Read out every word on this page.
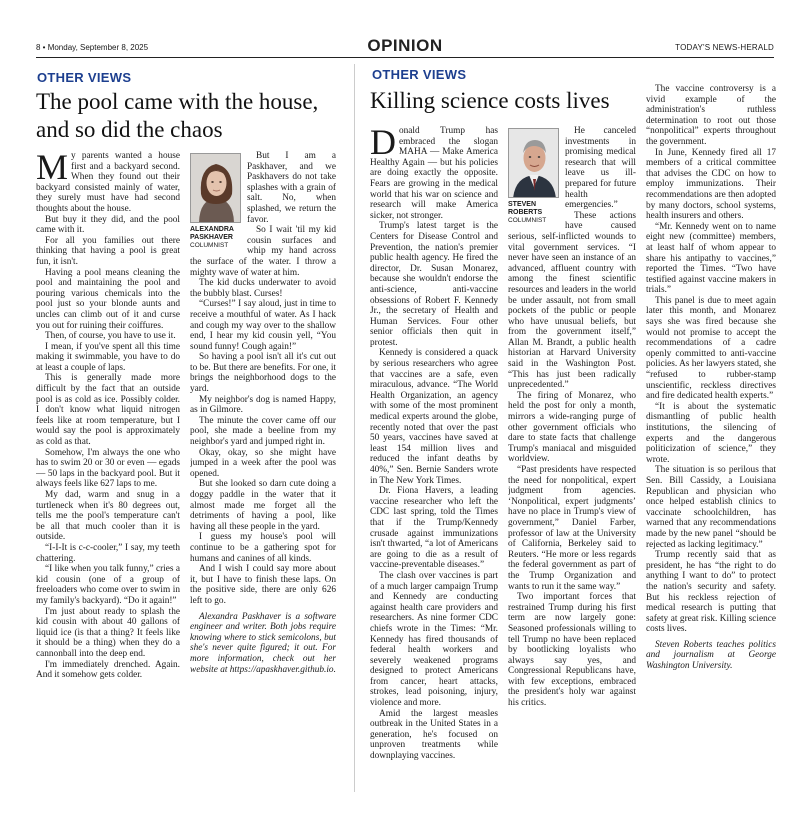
8 • Monday, September 8, 2025	OPINION	TODAY'S NEWS-HERALD
OTHER VIEWS
The pool came with the house, and so did the chaos

My parents wanted a house first and a backyard second. When they found out their backyard consisted mainly of water, they surely must have had second thoughts about the house.

But buy it they did, and the pool came with it.

For all you families out there thinking that having a pool is great fun, it isn't.

Having a pool means cleaning the pool and maintaining the pool and pouring various chemicals into the pool just so your blonde aunts and uncles can climb out of it and curse you out for ruining their coiffures.

Then, of course, you have to use it.

I mean, if you've spent all this time making it swimmable, you have to do at least a couple of laps.

This is generally made more difficult by the fact that an outside pool is as cold as ice. Possibly colder. I don't know what liquid nitrogen feels like at room temperature, but I would say the pool is approximately as cold as that.

Somehow, I'm always the one who has to swim 20 or 30 or even — egads — 50 laps in the backyard pool. But it always feels like 627 laps to me.

My dad, warm and snug in a turtleneck when it's 80 degrees out, tells me the pool's temperature can't be all that much cooler than it is outside.

“I-I-It is c-c-cooler,” I say, my teeth chattering.

“I like when you talk funny,” cries a kid cousin (one of a group of freeloaders who come over to swim in my family's backyard). “Do it again!”

I'm just about ready to splash the kid cousin with about 40 gallons of liquid ice (is that a thing? It feels like it should be a thing) when they do a cannonball into the deep end.

I'm immediately drenched. Again. And it somehow gets colder.

ALEXANDRA PASKHAVER
COLUMNIST

But I am a Paskhaver, and we Paskhavers do not take splashes with a grain of salt. No, when splashed, we return the favor.

So I wait 'til my kid cousin surfaces and whip my hand across the surface of the water. I throw a mighty wave of water at him.

The kid ducks underwater to avoid the bubbly blast. Curses!

“Curses!” I say aloud, just in time to receive a mouthful of water. As I hack and cough my way over to the shallow end, I hear my kid cousin yell, “You sound funny! Cough again!”

So having a pool isn't all it's cut out to be. But there are benefits. For one, it brings the neighborhood dogs to the yard.

My neighbor's dog is named Happy, as in Gilmore.

The minute the cover came off our pool, she made a beeline from my neighbor's yard and jumped right in.

Okay, okay, so she might have jumped in a week after the pool was opened.

But she looked so darn cute doing a doggy paddle in the water that it almost made me forget all the detriments of having a pool, like having all these people in the yard.

I guess my house's pool will continue to be a gathering spot for humans and canines of all kinds.

And I wish I could say more about it, but I have to finish these laps. On the positive side, there are only 626 left to go.

Alexandra Paskhaver is a software engineer and writer. Both jobs require knowing where to stick semicolons, but she's never quite figured; it out. For more information, check out her website at https://apaskhaver.github.io.

OTHER VIEWS
Killing science costs lives

Donald Trump has embraced the slogan MAHA — Make America Healthy Again — but his policies are doing exactly the opposite. Fears are growing in the medical world that his war on science and research will make America sicker, not stronger.

Trump's latest target is the Centers for Disease Control and Prevention, the nation's premier public health agency. He fired the director, Dr. Susan Monarez, because she wouldn't endorse the anti-science, anti-vaccine obsessions of Robert F. Kennedy Jr., the secretary of Health and Human Services. Four other senior officials then quit in protest.

Kennedy is considered a quack by serious researchers who agree that vaccines are a safe, even miraculous, advance. “The World Health Organization, an agency with some of the most prominent medical experts around the globe, recently noted that over the past 50 years, vaccines have saved at least 154 million lives and reduced the infant deaths by 40%,” Sen. Bernie Sanders wrote in The New York Times.

Dr. Fiona Havers, a leading vaccine researcher who left the CDC last spring, told the Times that if the Trump/Kennedy crusade against immunizations isn't thwarted, “a lot of Americans are going to die as a result of vaccine-preventable diseases.”

The clash over vaccines is part of a much larger campaign Trump and Kennedy are conducting against health care providers and researchers. As nine former CDC chiefs wrote in the Times: “Mr. Kennedy has fired thousands of federal health workers and severely weakened programs designed to protect Americans from cancer, heart attacks, strokes, lead poisoning, injury, violence and more.

Amid the largest measles outbreak in the United States in a generation, he's focused on unproven treatments while downplaying vaccines.

STEVEN ROBERTS
COLUMNIST

He canceled investments in promising medical research that will leave us ill-prepared for future health emergencies.”

These actions have caused serious, self-inflicted wounds to vital government services. “I never have seen an instance of an advanced, affluent country with among the finest scientific resources and leaders in the world be under assault, not from small pockets of the public or people who have unusual beliefs, but from the government itself,” Allan M. Brandt, a public health historian at Harvard University said in the Washington Post. “This has just been radically unprecedented.”

The firing of Monarez, who held the post for only a month, mirrors a wide-ranging purge of other government officials who dare to state facts that challenge Trump's maniacal and misguided worldview.

“Past presidents have respected the need for nonpolitical, expert judgment from agencies. ‘Nonpolitical, expert judgments’ have no place in Trump's view of government,” Daniel Farber, professor of law at the University of California, Berkeley said to Reuters. “He more or less regards the federal government as part of the Trump Organization and wants to run it the same way.”

Two important forces that restrained Trump during his first term are now largely gone: Seasoned professionals willing to tell Trump no have been replaced by bootlicking loyalists who always say yes, and Congressional Republicans have, with few exceptions, embraced the president's holy war against his critics.

The vaccine controversy is a vivid example of the administration's ruthless determination to root out those “nonpolitical” experts throughout the government.

In June, Kennedy fired all 17 members of a critical committee that advises the CDC on how to employ immunizations. Their recommendations are then adopted by many doctors, school systems, health insurers and others.

“Mr. Kennedy went on to name eight new (committee) members, at least half of whom appear to share his antipathy to vaccines,” reported the Times. “Two have testified against vaccine makers in trials.”

This panel is due to meet again later this month, and Monarez says she was fired because she would not promise to accept the recommendations of a cadre openly committed to anti-vaccine policies. As her lawyers stated, she “refused to rubber-stamp unscientific, reckless directives and fire dedicated health experts.”

“It is about the systematic dismantling of public health institutions, the silencing of experts and the dangerous politicization of science,” they wrote.

The situation is so perilous that Sen. Bill Cassidy, a Louisiana Republican and physician who once helped establish clinics to vaccinate schoolchildren, has warned that any recommendations made by the new panel “should be rejected as lacking legitimacy.”

Trump recently said that as president, he has “the right to do anything I want to do” to protect the nation's security and safety. But his reckless rejection of medical research is putting that safety at great risk. Killing science costs lives.

Steven Roberts teaches politics and journalism at George Washington University.
